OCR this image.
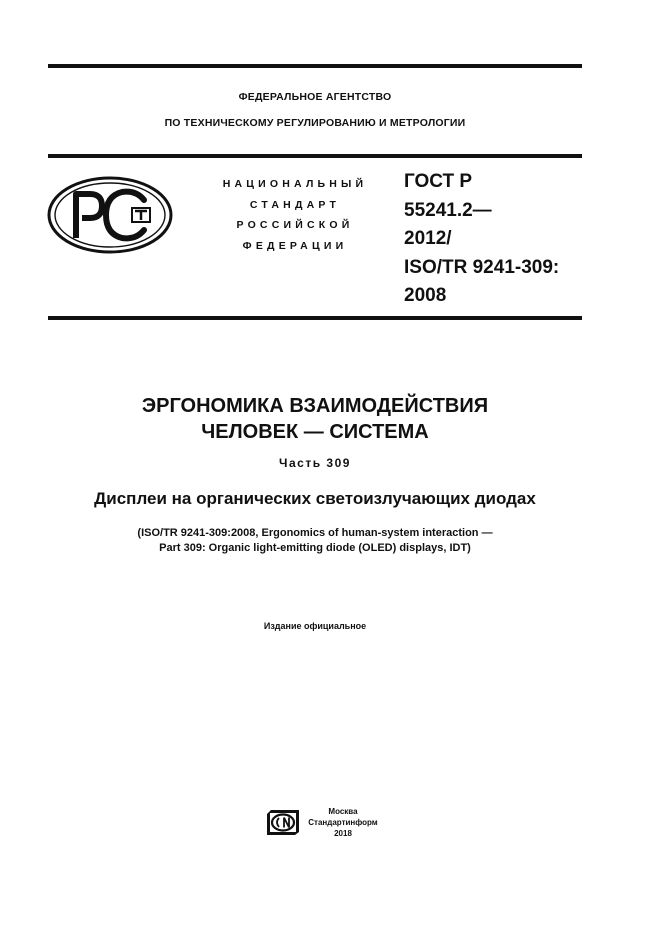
ФЕДЕРАЛЬНОЕ АГЕНТСТВО
ПО ТЕХНИЧЕСКОМУ РЕГУЛИРОВАНИЮ И МЕТРОЛОГИИ
НАЦИОНАЛЬНЫЙ
СТАНДАРТ
РОССИЙСКОЙ
ФЕДЕРАЦИИ
ГОСТ Р
55241.2—
2012/
ISO/TR 9241-309:
2008
ЭРГОНОМИКА ВЗАИМОДЕЙСТВИЯ
ЧЕЛОВЕК — СИСТЕМА
Часть 309
Дисплеи на органических светоизлучающих диодах
(ISO/TR 9241-309:2008, Ergonomics of human-system interaction —
Part 309: Organic light-emitting diode (OLED) displays, IDT)
Издание официальное
Москва
Стандартинформ
2018
